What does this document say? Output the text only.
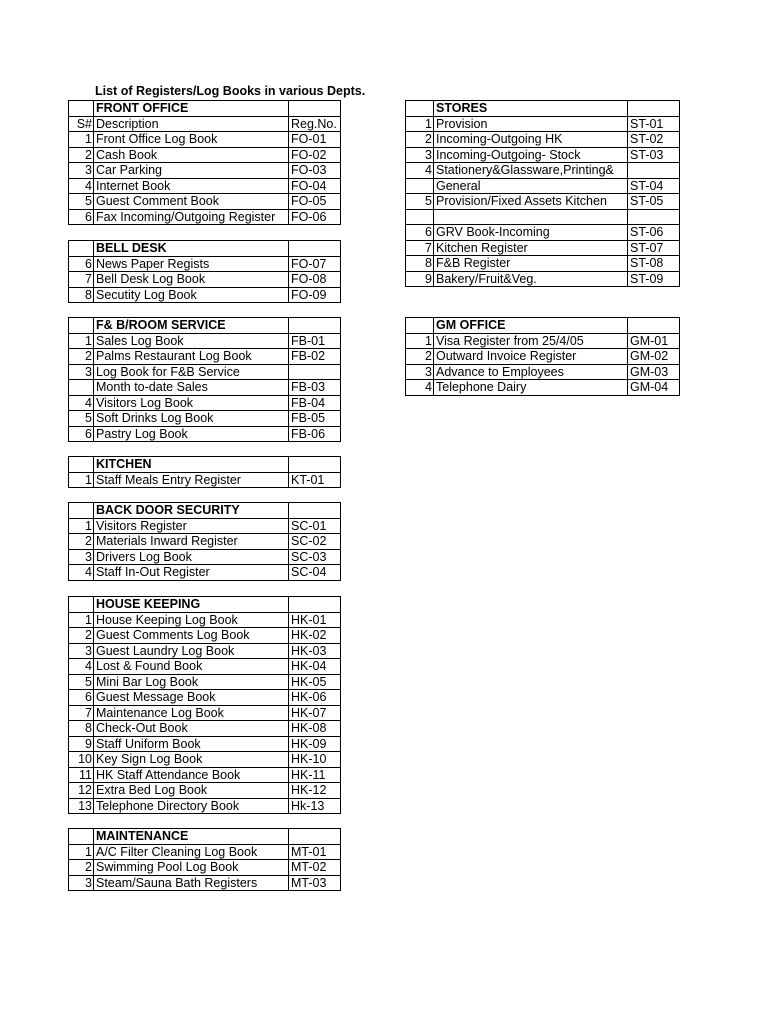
List of Registers/Log Books in various Depts.
	FRONT OFFICE	
S#	Description	Reg.No.
1	Front Office Log Book	FO-01
2	Cash Book	FO-02
3	Car Parking	FO-03
4	Internet Book	FO-04
5	Guest Comment Book	FO-05
6	Fax Incoming/Outgoing Register	FO-06
	BELL DESK	
6	News Paper Regists	FO-07
7	Bell Desk Log Book	FO-08
8	Secutity Log Book	FO-09
	F& B/ROOM SERVICE	
1	Sales Log Book	FB-01
2	Palms Restaurant Log Book	FB-02
3	Log Book for F&B Service	
	Month to-date Sales	FB-03
4	Visitors Log Book	FB-04
5	Soft Drinks Log Book	FB-05
6	Pastry Log Book	FB-06
	KITCHEN	
1	Staff Meals Entry Register	KT-01
	BACK DOOR SECURITY	
1	Visitors Register	SC-01
2	Materials Inward Register	SC-02
3	Drivers Log Book	SC-03
4	Staff In-Out Register	SC-04
	HOUSE KEEPING	
1	House Keeping Log Book	HK-01
2	Guest Comments Log Book	HK-02
3	Guest Laundry Log Book	HK-03
4	Lost & Found Book	HK-04
5	Mini Bar Log Book	HK-05
6	Guest Message Book	HK-06
7	Maintenance Log Book	HK-07
8	Check-Out Book	HK-08
9	Staff Uniform Book	HK-09
10	Key Sign Log Book	HK-10
11	HK Staff Attendance Book	HK-11
12	Extra Bed Log Book	HK-12
13	Telephone Directory Book	Hk-13
	MAINTENANCE	
1	A/C Filter Cleaning Log Book	MT-01
2	Swimming Pool Log Book	MT-02
3	Steam/Sauna Bath Registers	MT-03
	STORES	
1	Provision	ST-01
2	Incoming-Outgoing HK	ST-02
3	Incoming-Outgoing- Stock	ST-03
4	Stationery&Glassware,Printing&	
	General	ST-04
5	Provision/Fixed Assets Kitchen	ST-05

6	GRV Book-Incoming	ST-06
7	Kitchen Register	ST-07
8	F&B Register	ST-08
9	Bakery/Fruit&Veg.	ST-09
	GM OFFICE	
1	Visa Register from 25/4/05	GM-01
2	Outward Invoice Register	GM-02
3	Advance to Employees	GM-03
4	Telephone Dairy	GM-04
